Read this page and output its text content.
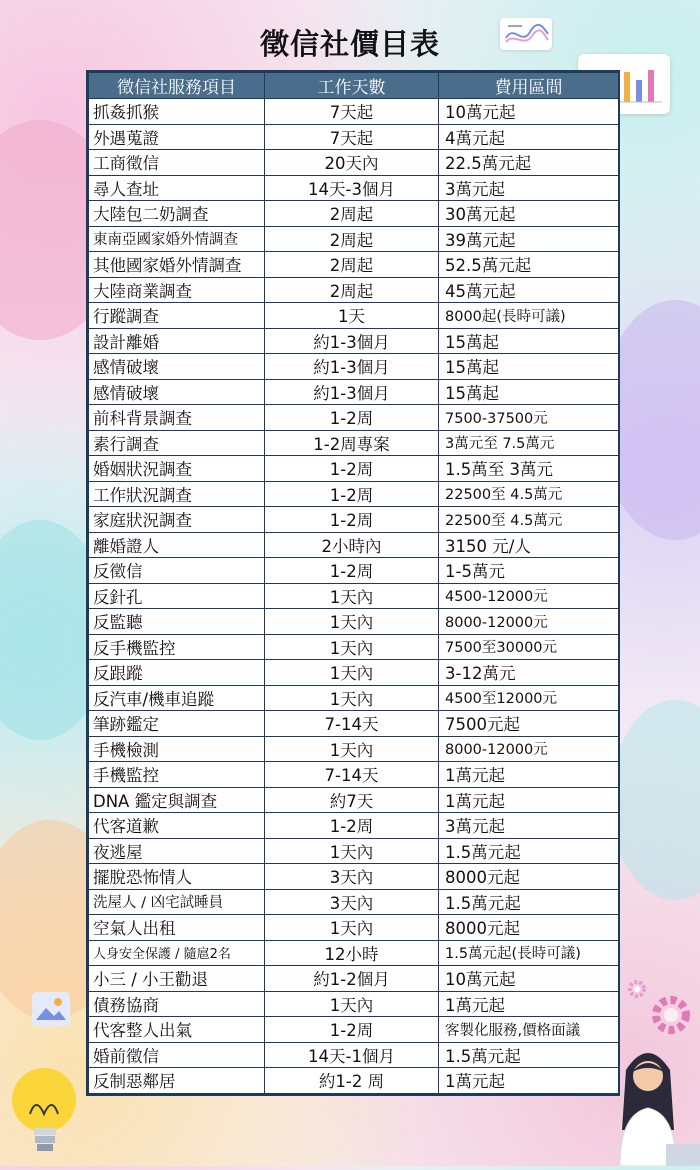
徵信社價目表
徵信社服務項目	工作天數	費用區間
抓姦抓猴	7天起	10萬元起
外遇蒐證	7天起	4萬元起
工商徵信	20天內	22.5萬元起
尋人查址	14天-3個月	3萬元起
大陸包二奶調查	2周起	30萬元起
東南亞國家婚外情調查	2周起	39萬元起
其他國家婚外情調查	2周起	52.5萬元起
大陸商業調查	2周起	45萬元起
行蹤調查	1天	8000起(長時可議)
設計離婚	約1-3個月	15萬起
感情破壞	約1-3個月	15萬起
感情破壞	約1-3個月	15萬起
前科背景調查	1-2周	7500-37500元
素行調查	1-2周專案	3萬元至 7.5萬元
婚姻狀況調查	1-2周	1.5萬至 3萬元
工作狀況調查	1-2周	22500至 4.5萬元
家庭狀況調查	1-2周	22500至 4.5萬元
離婚證人	2小時內	3150 元/人
反徵信	1-2周	1-5萬元
反針孔	1天內	4500-12000元
反監聽	1天內	8000-12000元
反手機監控	1天內	7500至30000元
反跟蹤	1天內	3-12萬元
反汽車/機車追蹤	1天內	4500至12000元
筆跡鑑定	7-14天	7500元起
手機檢測	1天內	8000-12000元
手機監控	7-14天	1萬元起
DNA 鑑定與調查	約7天	1萬元起
代客道歉	1-2周	3萬元起
夜逃屋	1天內	1.5萬元起
擺脫恐怖情人	3天內	8000元起
洗屋人 / 凶宅試睡員	3天內	1.5萬元起
空氣人出租	1天內	8000元起
人身安全保護 / 隨扈2名	12小時	1.5萬元起(長時可議)
小三 / 小王勸退	約1-2個月	10萬元起
債務協商	1天內	1萬元起
代客整人出氣	1-2周	客製化服務,價格面議
婚前徵信	14天-1個月	1.5萬元起
反制惡鄰居	約1-2 周	1萬元起
